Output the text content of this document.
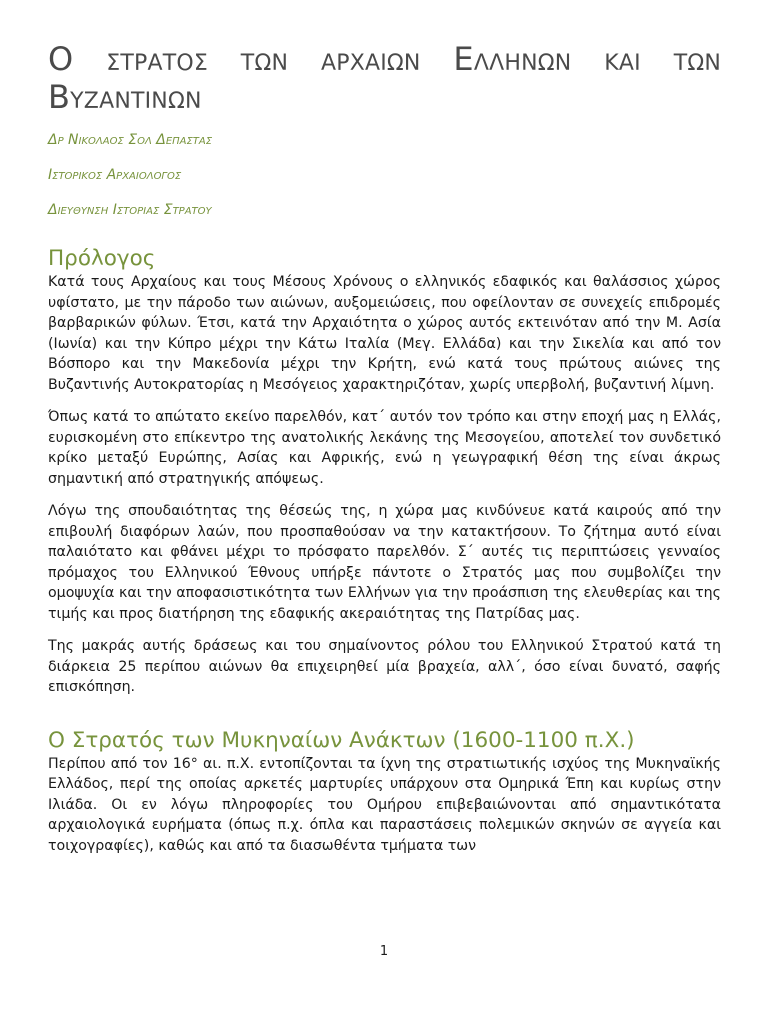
Ο στρατος των αρχαιων Ελληνων και των Βυζαντινων
Δρ Νικολαος Σολ Δεπαστας
Ιστορικος Αρχαιολογος
Διευθυνση Ιστοριας Στρατου
Πρόλογος

Κατά τους Αρχαίους και τους Μέσους Χρόνους ο ελληνικός εδαφικός και θαλάσσιος χώρος υφίστατο, με την πάροδο των αιώνων, αυξομειώσεις, που οφείλονταν σε συνεχείς επιδρομές βαρβαρικών φύλων. Έτσι, κατά την Αρχαιότητα ο χώρος αυτός εκτεινόταν από την Μ. Ασία (Ιωνία) και την Κύπρο μέχρι την Κάτω Ιταλία (Μεγ. Ελλάδα) και την Σικελία και από τον Βόσπορο και την Μακεδονία μέχρι την Κρήτη, ενώ κατά τους πρώτους αιώνες της Βυζαντινής Αυτοκρατορίας η Μεσόγειος χαρακτηριζόταν, χωρίς υπερβολή, βυζαντινή λίμνη.

Όπως κατά το απώτατο εκείνο παρελθόν, κατ΄ αυτόν τον τρόπο και στην εποχή μας η Ελλάς, ευρισκομένη στο επίκεντρο της ανατολικής λεκάνης της Μεσογείου, αποτελεί τον συνδετικό κρίκο μεταξύ Ευρώπης, Ασίας και Αφρικής, ενώ η γεωγραφική θέση της είναι άκρως σημαντική από στρατηγικής απόψεως.

Λόγω της σπουδαιότητας της θέσεώς της, η χώρα μας κινδύνευε κατά καιρούς από την επιβουλή διαφόρων λαών, που προσπαθούσαν να την κατακτήσουν. Το ζήτημα αυτό είναι παλαιότατο και φθάνει μέχρι το πρόσφατο παρελθόν. Σ΄ αυτές τις περιπτώσεις γενναίος πρόμαχος του Ελληνικού Έθνους υπήρξε πάντοτε ο Στρατός μας που συμβολίζει την ομοψυχία και την αποφασιστικότητα των Ελλήνων για την προάσπιση της ελευθερίας και της τιμής και προς διατήρηση της εδαφικής ακεραιότητας της Πατρίδας μας.

Της μακράς αυτής δράσεως και του σημαίνοντος ρόλου του Ελληνικού Στρατού κατά τη διάρκεια 25 περίπου αιώνων θα επιχειρηθεί μία βραχεία, αλλ΄, όσο είναι δυνατό, σαφής επισκόπηση.

Ο Στρατός των Μυκηναίων Ανάκτων (1600-1100 π.Χ.)

Περίπου από τον 16° αι. π.Χ. εντοπίζονται τα ίχνη της στρατιωτικής ισχύος της Μυκηναϊκής Ελλάδος, περί της οποίας αρκετές μαρτυρίες υπάρχουν στα Ομηρικά Έπη και κυρίως στην Ιλιάδα. Οι εν λόγω πληροφορίες του Ομήρου επιβεβαιώνονται από σημαντικότατα αρχαιολογικά ευρήματα (όπως π.χ. όπλα και παραστάσεις πολεμικών σκηνών σε αγγεία και τοιχογραφίες), καθώς και από τα διασωθέντα τμήματα των

1
